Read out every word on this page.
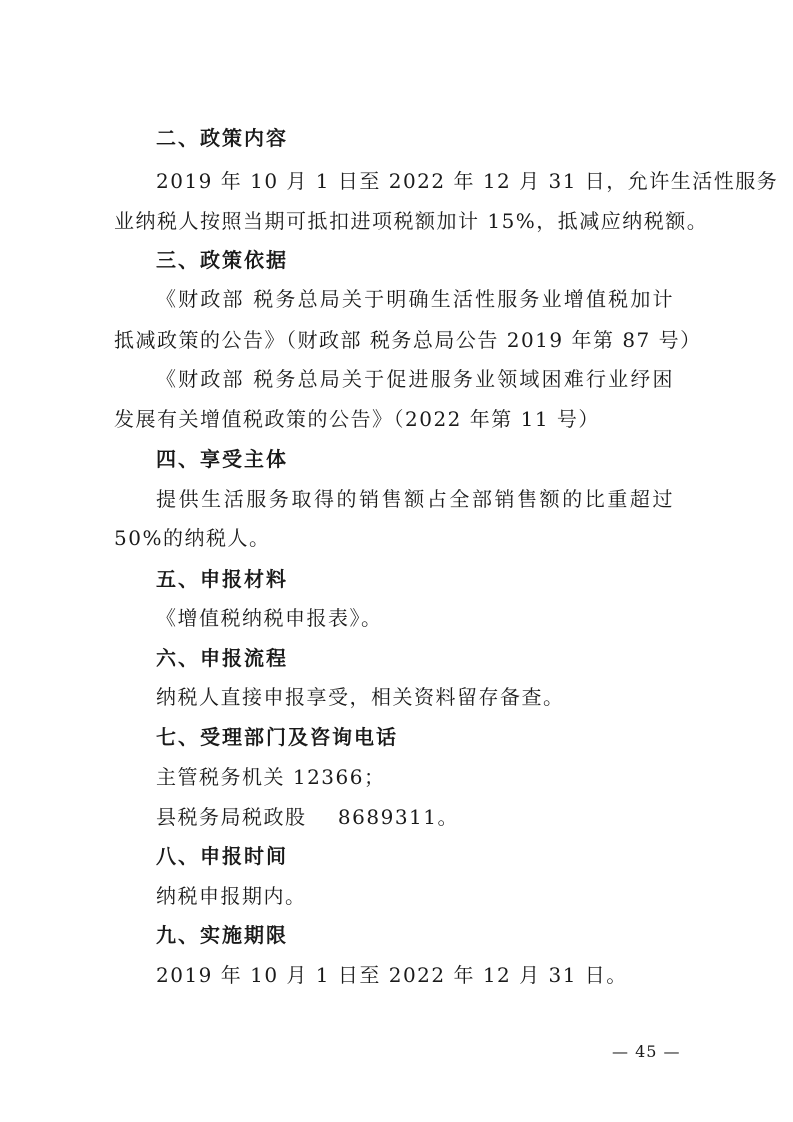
二、政策内容
2019 年 10 月 1 日至 2022 年 12 月 31 日，允许生活性服务
业纳税人按照当期可抵扣进项税额加计 15%，抵减应纳税额。
三、政策依据
《财政部 税务总局关于明确生活性服务业增值税加计
抵减政策的公告》（财政部 税务总局公告 2019 年第 87 号）
《财政部 税务总局关于促进服务业领域困难行业纾困
发展有关增值税政策的公告》（2022 年第 11 号）
四、享受主体
提供生活服务取得的销售额占全部销售额的比重超过
50%的纳税人。
五、申报材料
《增值税纳税申报表》。
六、申报流程
纳税人直接申报享受，相关资料留存备查。
七、受理部门及咨询电话
主管税务机关 12366；
县税务局税政股    8689311。
八、申报时间
纳税申报期内。
九、实施期限
2019 年 10 月 1 日至 2022 年 12 月 31 日。
— 45 —
